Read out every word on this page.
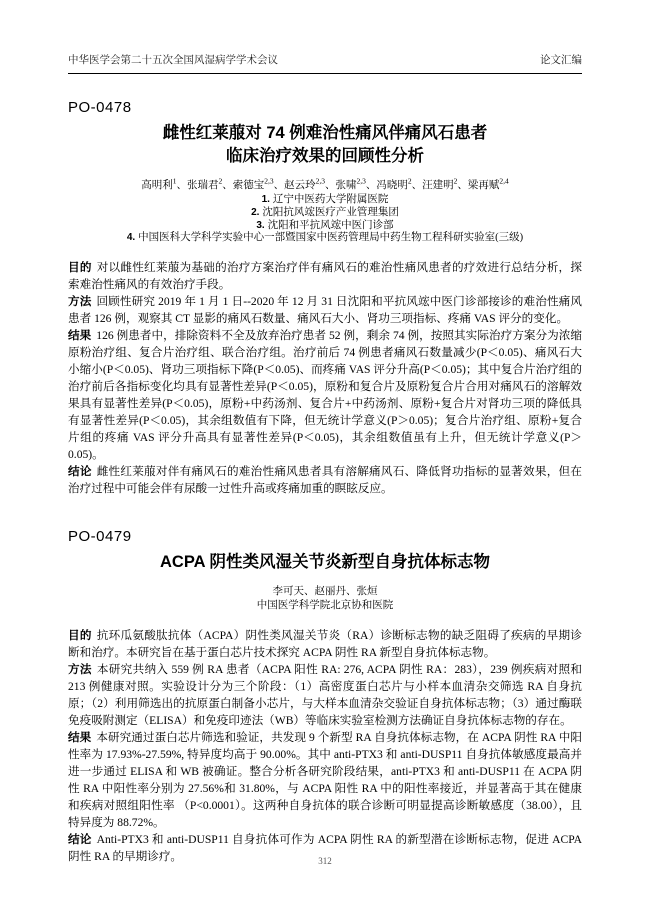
中华医学会第二十五次全国风湿病学学术会议	论文汇编
PO-0478
雌性红莱菔对 74 例难治性痛风伴痛风石患者
临床治疗效果的回顾性分析
高明利$^1$、张瑞君$^2$、索德宝$^{2,3}$、赵云玲$^{2,3}$、张啸$^{2,3}$、冯晓明$^2$、汪建明$^2$、梁再赋$^{2,4}$
1. 辽宁中医药大学附属医院
2. 沈阳抗风竤医疗产业管理集团
3. 沈阳和平抗风竤中医门诊部
4. 中国医科大学科学实验中心一部暨国家中医药管理局中药生物工程科研实验室(三级)

目的 对以雌性红莱菔为基础的治疗方案治疗伴有痛风石的难治性痛风患者的疗效进行总结分析，探索难治性痛风的有效治疗手段。

方法 回顾性研究 2019 年 1 月 1 日--2020 年 12 月 31 日沈阳和平抗风竤中医门诊部接诊的难治性痛风患者 126 例，观察其 CT 显影的痛风石数量、痛风石大小、肾功三项指标、疼痛 VAS 评分的变化。

结果 126 例患者中，排除资料不全及放弃治疗患者 52 例，剩余 74 例，按照其实际治疗方案分为浓缩原粉治疗组、复合片治疗组、联合治疗组。治疗前后 74 例患者痛风石数量减少(P＜0.05)、痛风石大小缩小(P＜0.05)、肾功三项指标下降(P＜0.05)、而疼痛 VAS 评分升高(P＜0.05)；其中复合片治疗组的治疗前后各指标变化均具有显著性差异(P＜0.05)，原粉和复合片及原粉复合片合用对痛风石的溶解效果具有显著性差异(P＜0.05)，原粉+中药汤剂、复合片+中药汤剂、原粉+复合片对肾功三项的降低具有显著性差异(P＜0.05)，其余组数值有下降，但无统计学意义(P＞0.05)；复合片治疗组、原粉+复合片组的疼痛 VAS 评分升高具有显著性差异(P＜0.05)，其余组数值虽有上升，但无统计学意义(P＞0.05)。

结论 雌性红莱菔对伴有痛风石的难治性痛风患者具有溶解痛风石、降低肾功指标的显著效果，但在治疗过程中可能会伴有尿酸一过性升高或疼痛加重的瞑眩反应。

PO-0479
ACPA 阴性类风湿关节炎新型自身抗体标志物
李可天、赵丽丹、张烜
中国医学科学院北京协和医院

目的 抗环瓜氨酸肽抗体（ACPA）阴性类风湿关节炎（RA）诊断标志物的缺乏阻碍了疾病的早期诊断和治疗。本研究旨在基于蛋白芯片技术探究 ACPA 阴性 RA 新型自身抗体标志物。

方法 本研究共纳入 559 例 RA 患者（ACPA 阳性 RA: 276, ACPA 阴性 RA：283），239 例疾病对照和 213 例健康对照。实验设计分为三个阶段：（1）高密度蛋白芯片与小样本血清杂交筛选 RA 自身抗原；（2）利用筛选出的抗原蛋白制备小芯片，与大样本血清杂交验证自身抗体标志物；（3）通过酶联免疫吸附测定（ELISA）和免疫印迹法（WB）等临床实验室检测方法确证自身抗体标志物的存在。

结果 本研究通过蛋白芯片筛选和验证，共发现 9 个新型 RA 自身抗体标志物，在 ACPA 阴性 RA 中阳性率为 17.93%-27.59%, 特异度均高于 90.00%。其中 anti-PTX3 和 anti-DUSP11 自身抗体敏感度最高并进一步通过 ELISA 和 WB 被确证。整合分析各研究阶段结果，anti-PTX3 和 anti-DUSP11 在 ACPA 阴性 RA 中阳性率分别为 27.56%和 31.80%，与 ACPA 阳性 RA 中的阳性率接近，并显著高于其在健康和疾病对照组阳性率 （P<0.0001）。这两种自身抗体的联合诊断可明显提高诊断敏感度（38.00），且特异度为 88.72%。

结论 Anti-PTX3 和 anti-DUSP11 自身抗体可作为 ACPA 阴性 RA 的新型潜在诊断标志物，促进 ACPA 阴性 RA 的早期诊疗。	312
